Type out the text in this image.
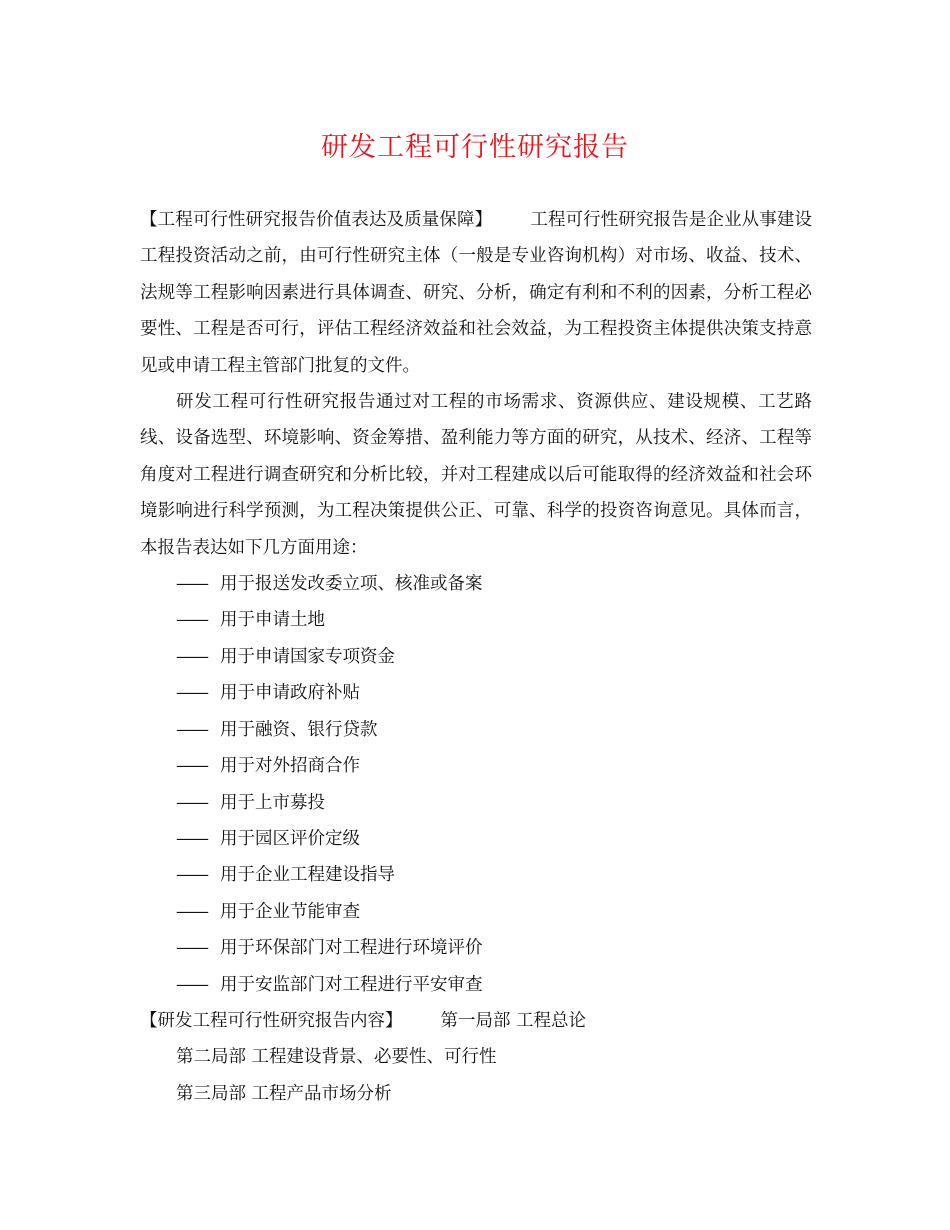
研发工程可行性研究报告

【工程可行性研究报告价值表达及质量保障】 工程可行性研究报告是企业从事建设工程投资活动之前，由可行性研究主体（一般是专业咨询机构）对市场、收益、技术、法规等工程影响因素进行具体调查、研究、分析，确定有利和不利的因素，分析工程必要性、工程是否可行，评估工程经济效益和社会效益，为工程投资主体提供决策支持意见或申请工程主管部门批复的文件。

研发工程可行性研究报告通过对工程的市场需求、资源供应、建设规模、工艺路线、设备选型、环境影响、资金筹措、盈利能力等方面的研究，从技术、经济、工程等角度对工程进行调查研究和分析比较，并对工程建成以后可能取得的经济效益和社会环境影响进行科学预测，为工程决策提供公正、可靠、科学的投资咨询意见。具体而言，本报告表达如下几方面用途：

—— 用于报送发改委立项、核准或备案

—— 用于申请土地

—— 用于申请国家专项资金

—— 用于申请政府补贴

—— 用于融资、银行贷款

—— 用于对外招商合作

—— 用于上市募投

—— 用于园区评价定级

—— 用于企业工程建设指导

—— 用于企业节能审查

—— 用于环保部门对工程进行环境评价

—— 用于安监部门对工程进行平安审查

【研发工程可行性研究报告内容】 第一局部 工程总论

第二局部 工程建设背景、必要性、可行性

第三局部 工程产品市场分析
